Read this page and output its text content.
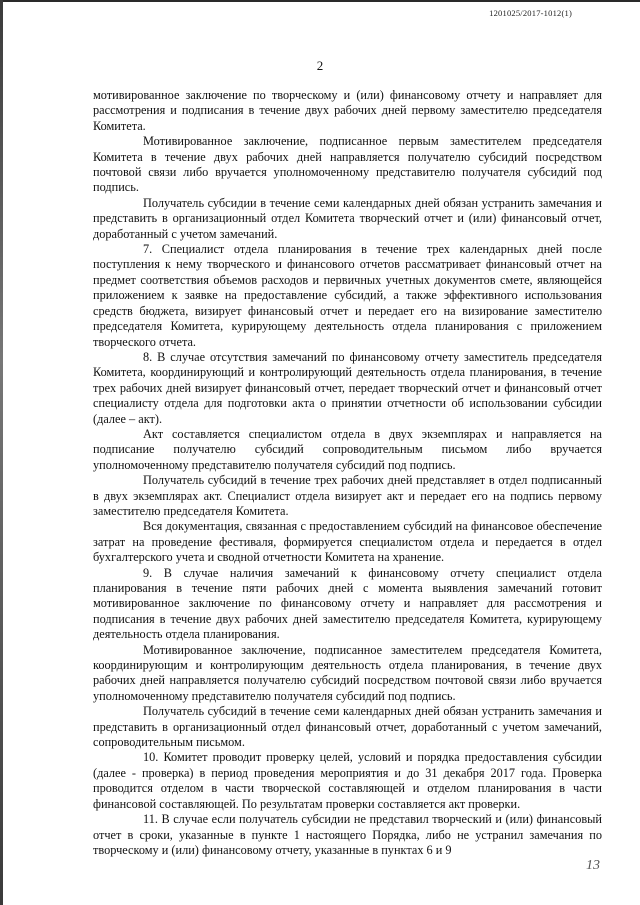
1201025/2017-1012(1)
2

мотивированное заключение по творческому и (или) финансовому отчету и направляет для рассмотрения и подписания в течение двух рабочих дней первому заместителю председателя Комитета.

Мотивированное заключение, подписанное первым заместителем председателя Комитета в течение двух рабочих дней направляется получателю субсидий посредством почтовой связи либо вручается уполномоченному представителю получателя субсидий под подпись.

Получатель субсидии в течение семи календарных дней обязан устранить замечания и представить в организационный отдел Комитета творческий отчет и (или) финансовый отчет, доработанный с учетом замечаний.

7. Специалист отдела планирования в течение трех календарных дней после поступления к нему творческого и финансового отчетов рассматривает финансовый отчет на предмет соответствия объемов расходов и первичных учетных документов смете, являющейся приложением к заявке на предоставление субсидий, а также эффективного использования средств бюджета, визирует финансовый отчет и передает его на визирование заместителю председателя Комитета, курирующему деятельность отдела планирования с приложением творческого отчета.

8. В случае отсутствия замечаний по финансовому отчету заместитель председателя Комитета, координирующий и контролирующий деятельность отдела планирования, в течение трех рабочих дней визирует финансовый отчет, передает творческий отчет и финансовый отчет специалисту отдела для подготовки акта о принятии отчетности об использовании субсидии (далее – акт).

Акт составляется специалистом отдела в двух экземплярах и направляется на подписание получателю субсидий сопроводительным письмом либо вручается уполномоченному представителю получателя субсидий под подпись.

Получатель субсидий в течение трех рабочих дней представляет в отдел подписанный в двух экземплярах акт. Специалист отдела визирует акт и передает его на подпись первому заместителю председателя Комитета.

Вся документация, связанная с предоставлением субсидий на финансовое обеспечение затрат на проведение фестиваля, формируется специалистом отдела и передается в отдел бухгалтерского учета и сводной отчетности Комитета на хранение.

9. В случае наличия замечаний к финансовому отчету специалист отдела планирования в течение пяти рабочих дней с момента выявления замечаний готовит мотивированное заключение по финансовому отчету и направляет для рассмотрения и подписания в течение двух рабочих дней заместителю председателя Комитета, курирующему деятельность отдела планирования.

Мотивированное заключение, подписанное заместителем председателя Комитета, координирующим и контролирующим деятельность отдела планирования, в течение двух рабочих дней направляется получателю субсидий посредством почтовой связи либо вручается уполномоченному представителю получателя субсидий под подпись.

Получатель субсидий в течение семи календарных дней обязан устранить замечания и представить в организационный отдел финансовый отчет, доработанный с учетом замечаний, сопроводительным письмом.

10. Комитет проводит проверку целей, условий и порядка предоставления субсидии (далее - проверка) в период проведения мероприятия и до 31 декабря 2017 года. Проверка проводится отделом в части творческой составляющей и отделом планирования в части финансовой составляющей. По результатам проверки составляется акт проверки.

11. В случае если получатель субсидии не представил творческий и (или) финансовый отчет в сроки, указанные в пункте 1 настоящего Порядка, либо не устранил замечания по творческому и (или) финансовому отчету, указанные в пунктах 6 и 9

13
